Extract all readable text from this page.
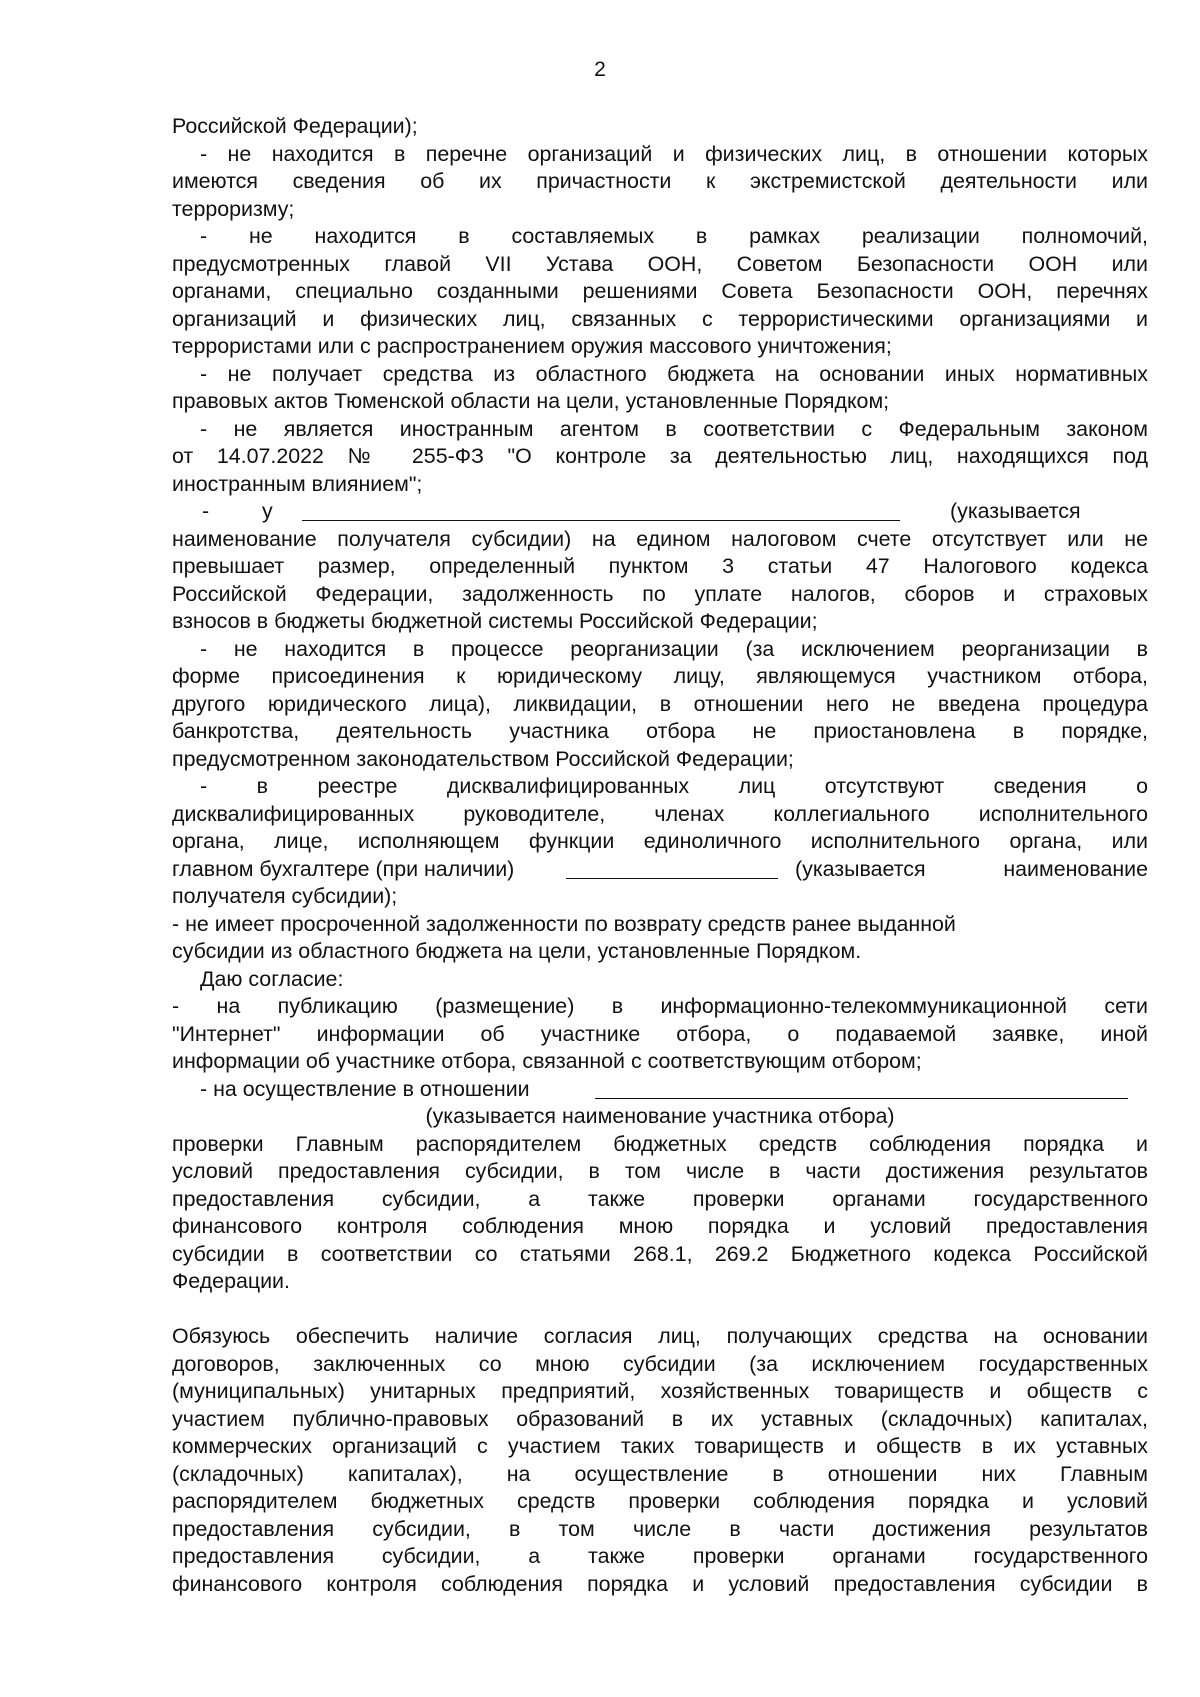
2
Российской Федерации);
- не находится в перечне организаций и физических лиц, в отношении которых
имеются сведения об их причастности к экстремистской деятельности или
терроризму;
- не находится в составляемых в рамках реализации полномочий,
предусмотренных главой VII Устава ООН, Советом Безопасности ООН или
органами, специально созданными решениями Совета Безопасности ООН, перечнях
организаций и физических лиц, связанных с террористическими организациями и
террористами или с распространением оружия массового уничтожения;
- не получает средства из областного бюджета на основании иных нормативных
правовых актов Тюменской области на цели, установленные Порядком;
- не является иностранным агентом в соответствии с Федеральным законом
от 14.07.2022 № 255-ФЗ "О контроле за деятельностью лиц, находящихся под
иностранным влиянием";
- у	(указывается
наименование получателя субсидии) на едином налоговом счете отсутствует или не
превышает размер, определенный пунктом 3 статьи 47 Налогового кодекса
Российской Федерации, задолженность по уплате налогов, сборов и страховых
взносов в бюджеты бюджетной системы Российской Федерации;
- не находится в процессе реорганизации (за исключением реорганизации в
форме присоединения к юридическому лицу, являющемуся участником отбора,
другого юридического лица), ликвидации, в отношении него не введена процедура
банкротства, деятельность участника отбора не приостановлена в порядке,
предусмотренном законодательством Российской Федерации;
- в реестре дисквалифицированных лиц отсутствуют сведения о
дисквалифицированных руководителе, членах коллегиального исполнительного
органа, лице, исполняющем функции единоличного исполнительного органа, или
главном бухгалтере (при наличии)	(указывается наименование
получателя субсидии);
- не имеет просроченной задолженности по возврату средств ранее выданной
субсидии из областного бюджета на цели, установленные Порядком.
Даю согласие:
- на публикацию (размещение) в информационно-телекоммуникационной сети
"Интернет" информации об участнике отбора, о подаваемой заявке, иной
информации об участнике отбора, связанной с соответствующим отбором;
- на осуществление в отношении
(указывается наименование участника отбора)
проверки Главным распорядителем бюджетных средств соблюдения порядка и
условий предоставления субсидии, в том числе в части достижения результатов
предоставления субсидии, а также проверки органами государственного
финансового контроля соблюдения мною порядка и условий предоставления
субсидии в соответствии со статьями 268.1, 269.2 Бюджетного кодекса Российской
Федерации.
Обязуюсь обеспечить наличие согласия лиц, получающих средства на основании
договоров, заключенных со мною субсидии (за исключением государственных
(муниципальных) унитарных предприятий, хозяйственных товариществ и обществ с
участием публично-правовых образований в их уставных (складочных) капиталах,
коммерческих организаций с участием таких товариществ и обществ в их уставных
(складочных) капиталах), на осуществление в отношении них Главным
распорядителем бюджетных средств проверки соблюдения порядка и условий
предоставления субсидии, в том числе в части достижения результатов
предоставления субсидии, а также проверки органами государственного
финансового контроля соблюдения порядка и условий предоставления субсидии в
